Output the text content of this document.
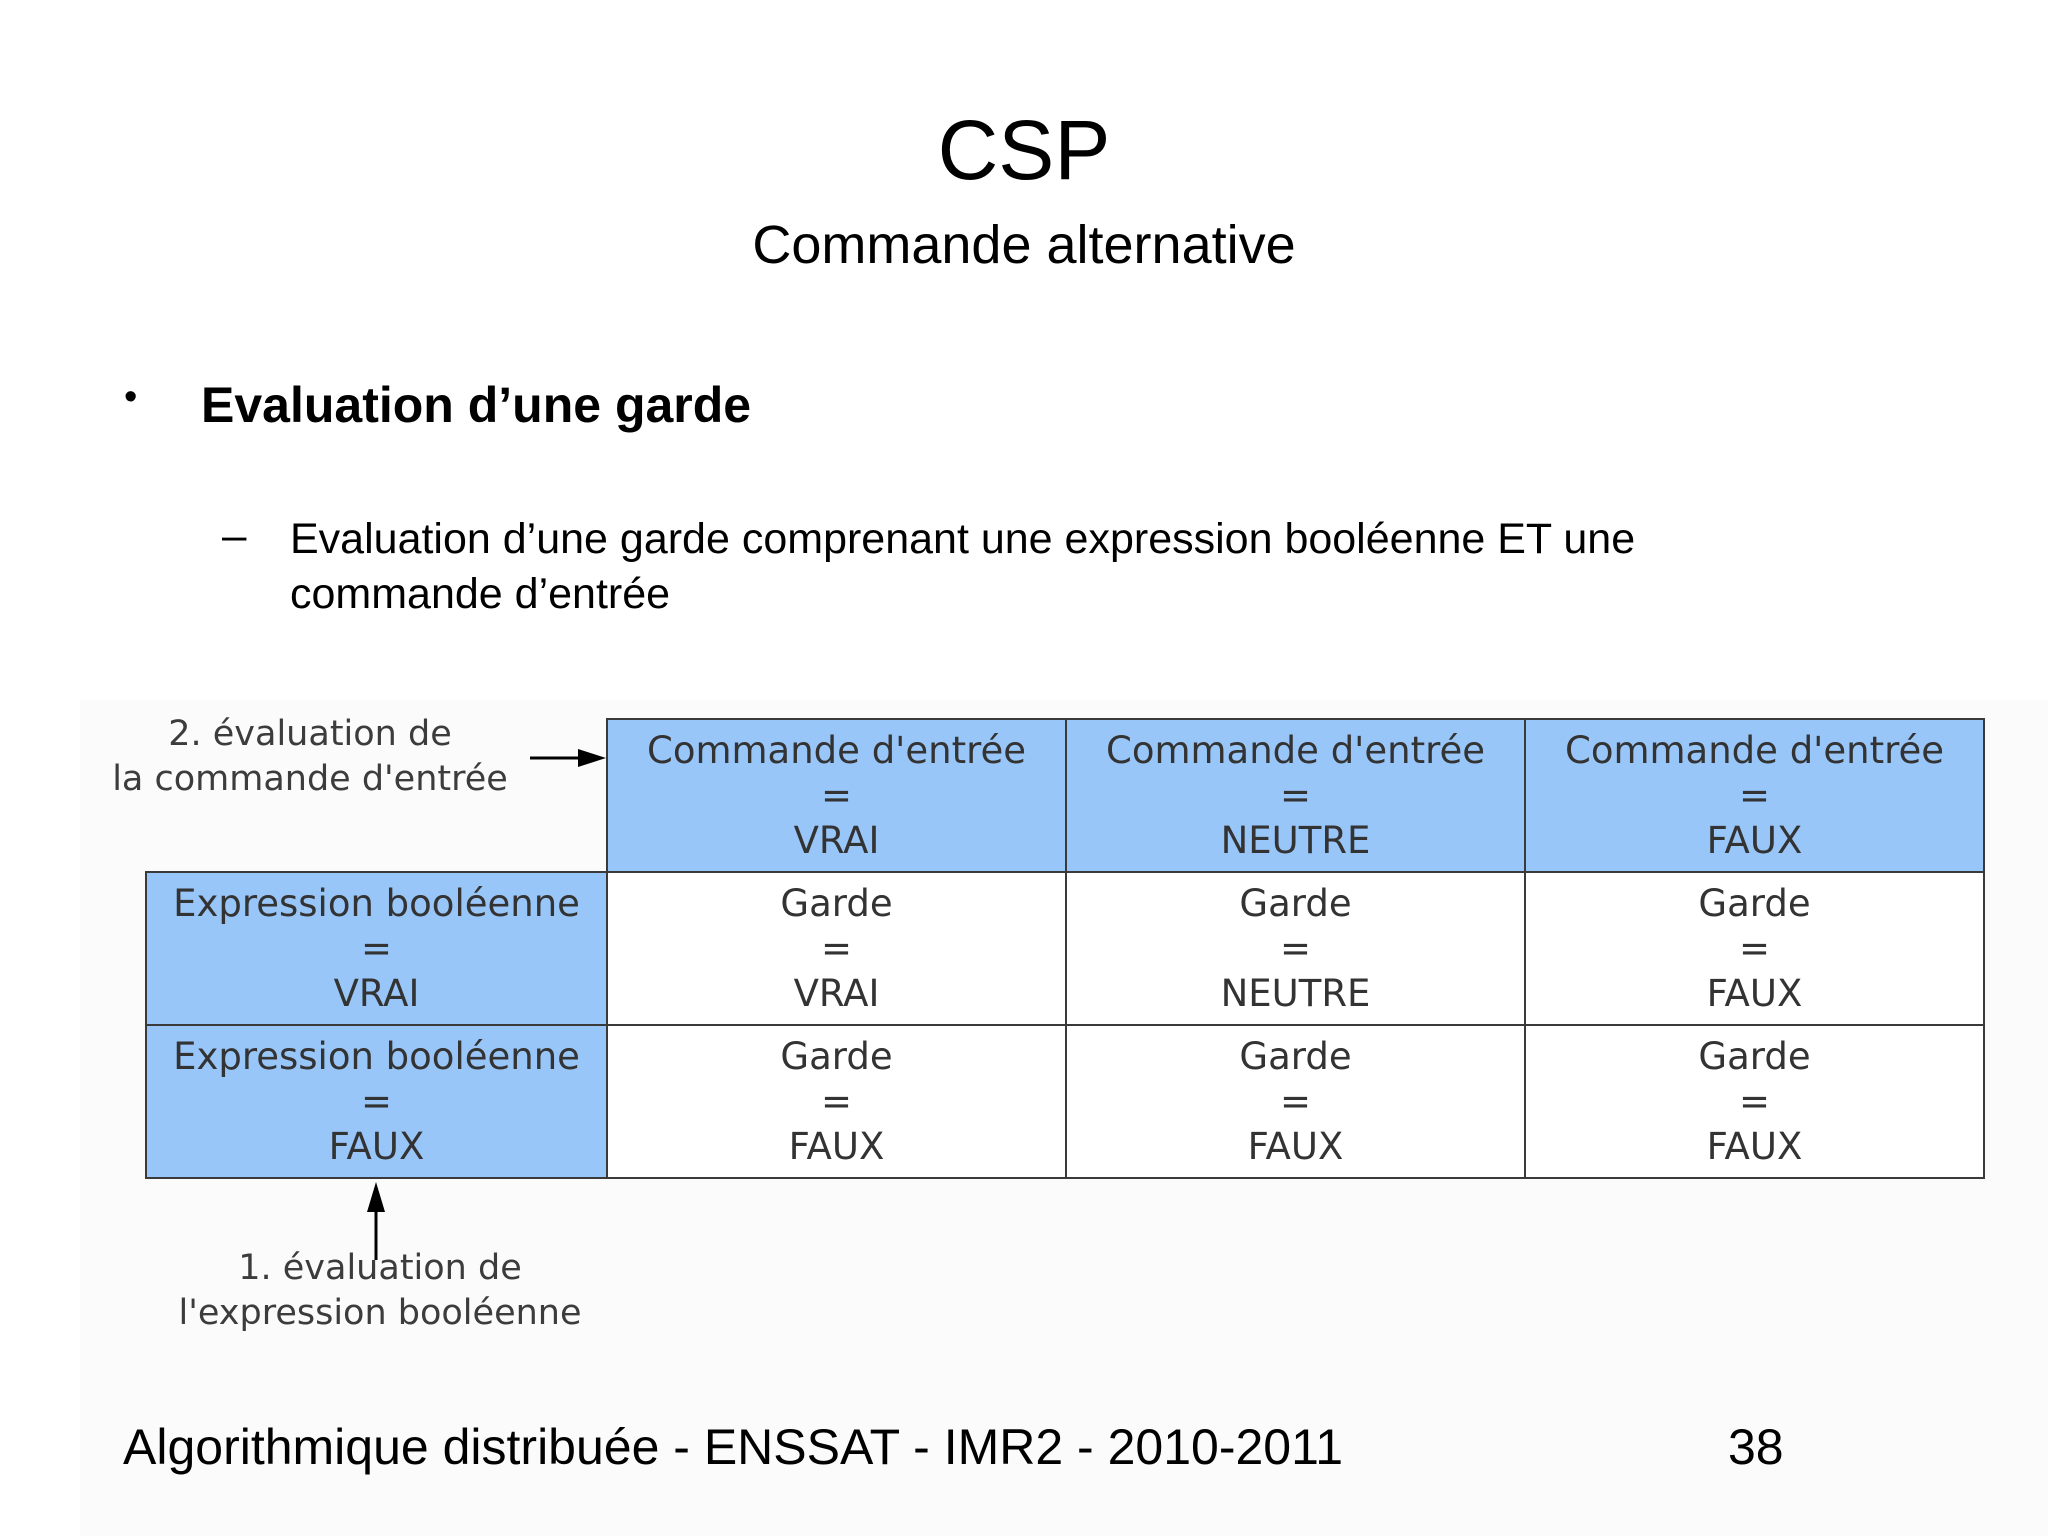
CSP
Commande alternative
• Evaluation d’une garde
– Evaluation d’une garde comprenant une expression booléenne ET une commande d’entrée
2. évaluation de
la commande d'entrée
1. évaluation de
l'expression booléenne
Commande d'entrée
=
VRAI
Commande d'entrée
=
NEUTRE
Commande d'entrée
=
FAUX
Expression booléenne
=
VRAI
Expression booléenne
=
FAUX
Garde
=
VRAI
Garde
=
NEUTRE
Garde
=
FAUX
Garde
=
FAUX
Garde
=
FAUX
Garde
=
FAUX
Algorithmique distribuée - ENSSAT - IMR2 - 2010-2011	38
